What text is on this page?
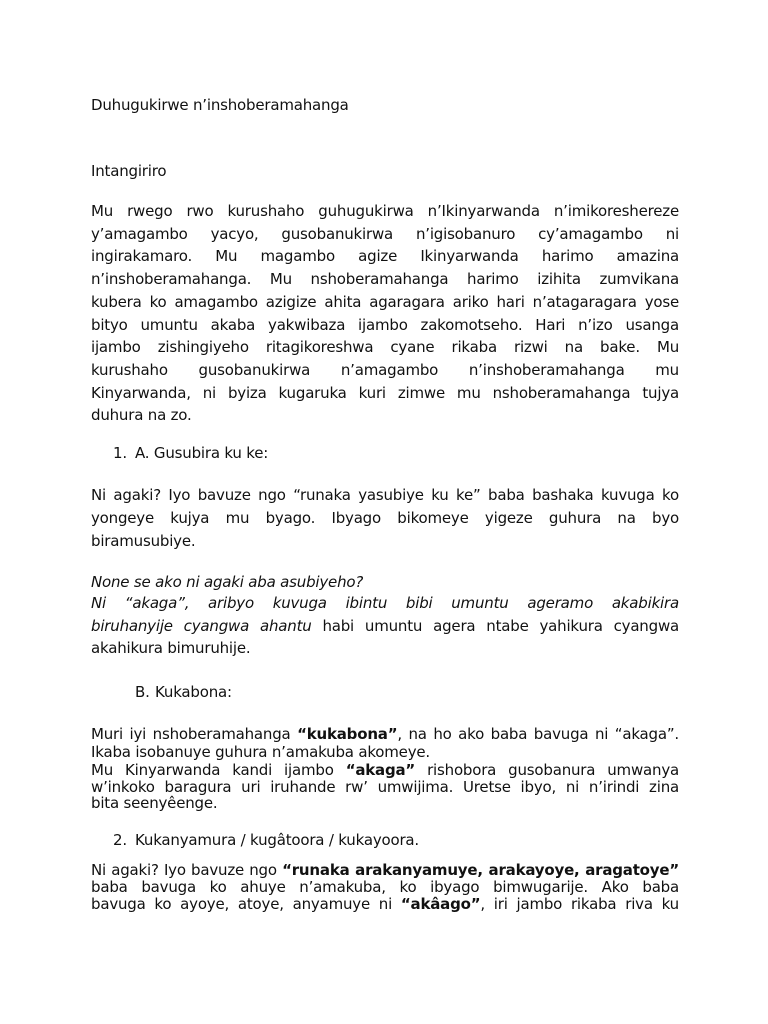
Duhugukirwe n’inshoberamahanga
Intangiriro

Mu rwego rwo kurushaho guhugukirwa n’Ikinyarwanda n’imikoreshereze
y’amagambo yacyo, gusobanukirwa n’igisobanuro cy’amagambo ni
ingirakamaro. Mu magambo agize Ikinyarwanda harimo amazina
n’inshoberamahanga. Mu nshoberamahanga harimo izihita zumvikana
kubera ko amagambo azigize ahita agaragara ariko hari n’atagaragara yose
bityo umuntu akaba yakwibaza ijambo zakomotseho. Hari n’izo usanga
ijambo zishingiyeho ritagikoreshwa cyane rikaba rizwi na bake. Mu
kurushaho gusobanukirwa n’amagambo n’inshoberamahanga mu
Kinyarwanda, ni byiza kugaruka kuri zimwe mu nshoberamahanga tujya
duhura na zo.

1. A. Gusubira ku ke:

Ni agaki? Iyo bavuze ngo “runaka yasubiye ku ke” baba bashaka kuvuga ko
yongeye kujya mu byago. Ibyago bikomeye yigeze guhura na byo
biramusubiye.

None se ako ni agaki aba asubiyeho?

Ni “akaga”, aribyo kuvuga ibintu bibi umuntu ageramo akabikira
biruhanyije cyangwa ahantu habi umuntu agera ntabe yahikura cyangwa
akahikura bimuruhije.

B. Kukabona:

Muri iyi nshoberamahanga “kukabona”, na ho ako baba bavuga ni “akaga”.

Ikaba isobanuye guhura n’amakuba akomeye.

Mu Kinyarwanda kandi ijambo “akaga” rishobora gusobanura umwanya
w’inkoko baragura uri iruhande rw’ umwijima. Uretse ibyo, ni n’irindi zina
bita seenyêenge.

2. Kukanyamura / kugâtoora / kukayoora.

Ni agaki? Iyo bavuze ngo “runaka arakanyamuye, arakayoye, aragatoye”
baba bavuga ko ahuye n’amakuba, ko ibyago bimwugarije. Ako baba
bavuga ko ayoye, atoye, anyamuye ni “akâago”, iri jambo rikaba riva ku
